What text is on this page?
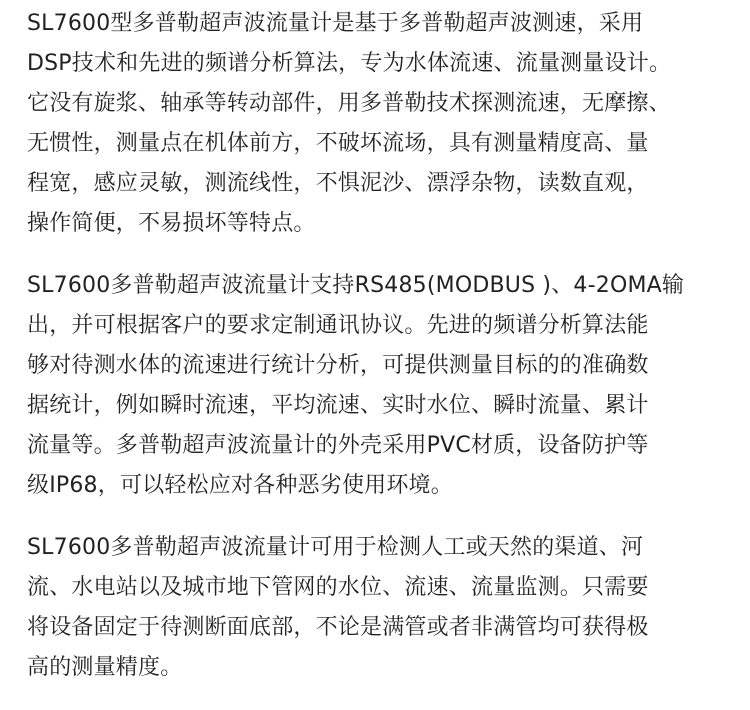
SL7600型多普勒超声波流量计是基于多普勒超声波测速，采用
DSP技术和先进的频谱分析算法，专为水体流速、流量测量设计。
它没有旋浆、轴承等转动部件，用多普勒技术探测流速，无摩擦、
无惯性，测量点在机体前方，不破坏流场，具有测量精度高、量
程宽，感应灵敏，测流线性，不惧泥沙、漂浮杂物，读数直观，
操作简便，不易损坏等特点。

SL7600多普勒超声波流量计支持RS485(MODBUS )、4-2OMA输
出，并可根据客户的要求定制通讯协议。先进的频谱分析算法能
够对待测水体的流速进行统计分析，可提供测量目标的的准确数
据统计，例如瞬时流速，平均流速、实时水位、瞬时流量、累计
流量等。多普勒超声波流量计的外壳采用PVC材质，设备防护等
级IP68，可以轻松应对各种恶劣使用环境。

SL7600多普勒超声波流量计可用于检测人工或天然的渠道、河
流、水电站以及城市地下管网的水位、流速、流量监测。只需要
将设备固定于待测断面底部，不论是满管或者非满管均可获得极
高的测量精度。
